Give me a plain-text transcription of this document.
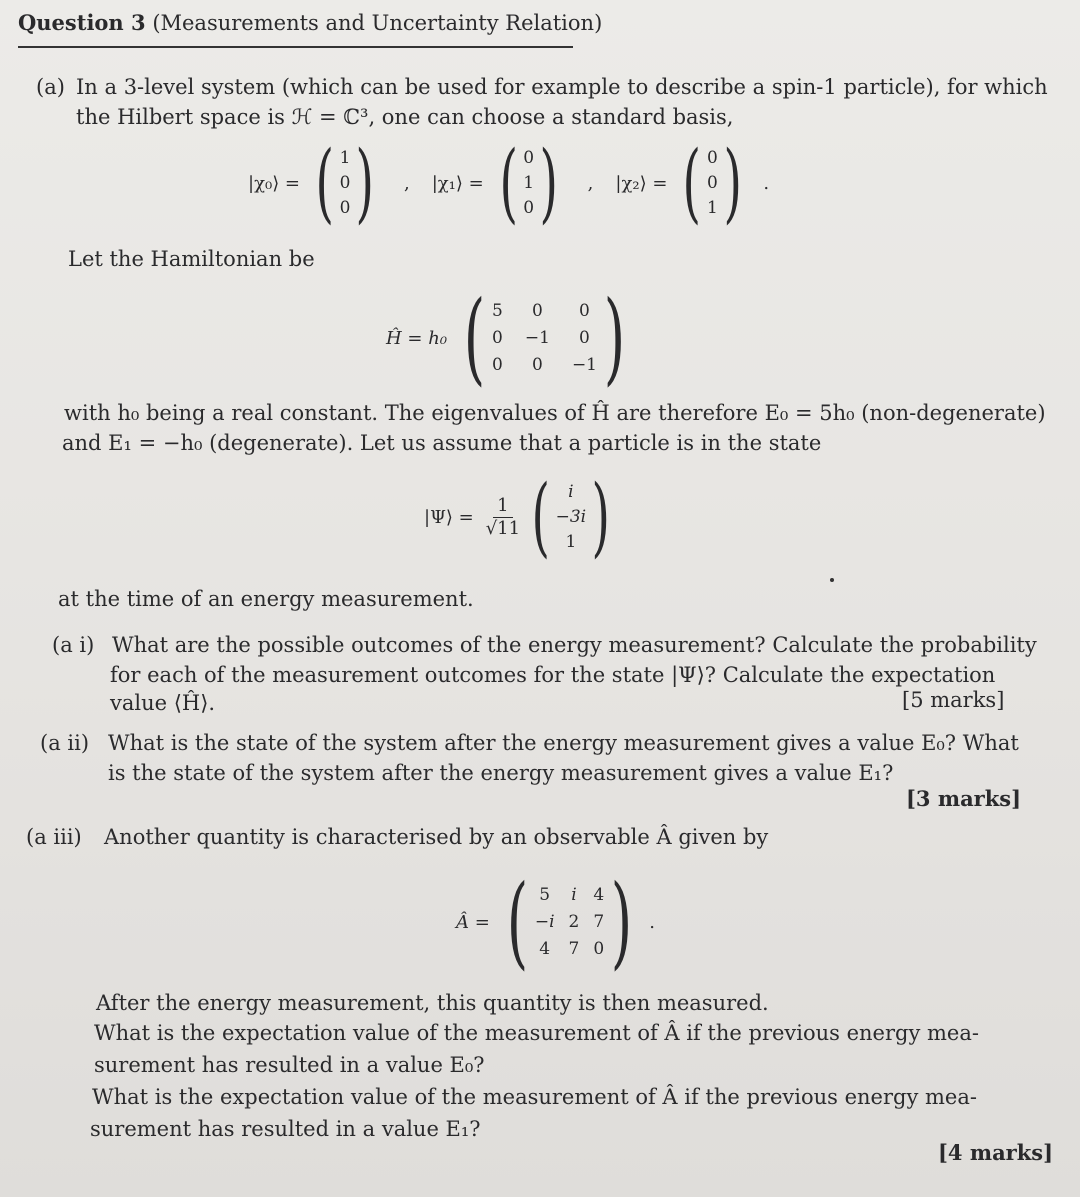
Question 3 (Measurements and Uncertainty Relation)
(a) In a 3-level system (which can be used for example to describe a spin-1 particle), for which
the Hilbert space is ℋ = ℂ³, one can choose a standard basis,
|χ₀⟩ = ( 1
0
0 ) , |χ₁⟩ = ( 0
1
0 ) , |χ₂⟩ = ( 0
0
1 ) .
Let the Hamiltonian be
Ĥ = h₀ ( 5	0	0
0 −1	0
0	0	−1 )
with h₀ being a real constant. The eigenvalues of Ĥ are therefore E₀ = 5h₀ (non-degenerate)
and E₁ = −h₀ (degenerate). Let us assume that a particle is in the state
|Ψ⟩ = $\frac{1}{√11}$ ( i
−3i
1 )
at the time of an energy measurement.
(a i) What are the possible outcomes of the energy measurement? Calculate the probability
for each of the measurement outcomes for the state |Ψ⟩? Calculate the expectation
value ⟨Ĥ⟩.	[5 marks]
(a ii) What is the state of the system after the energy measurement gives a value E₀? What
is the state of the system after the energy measurement gives a value E₁?
[3 marks]
(a iii) Another quantity is characterised by an observable Â given by
Â = ( 5 i 4
−i 2 7
4 7 0 ) .
After the energy measurement, this quantity is then measured.
What is the expectation value of the measurement of Â if the previous energy mea-
surement has resulted in a value E₀?
What is the expectation value of the measurement of Â if the previous energy mea-
surement has resulted in a value E₁?
[4 marks]
